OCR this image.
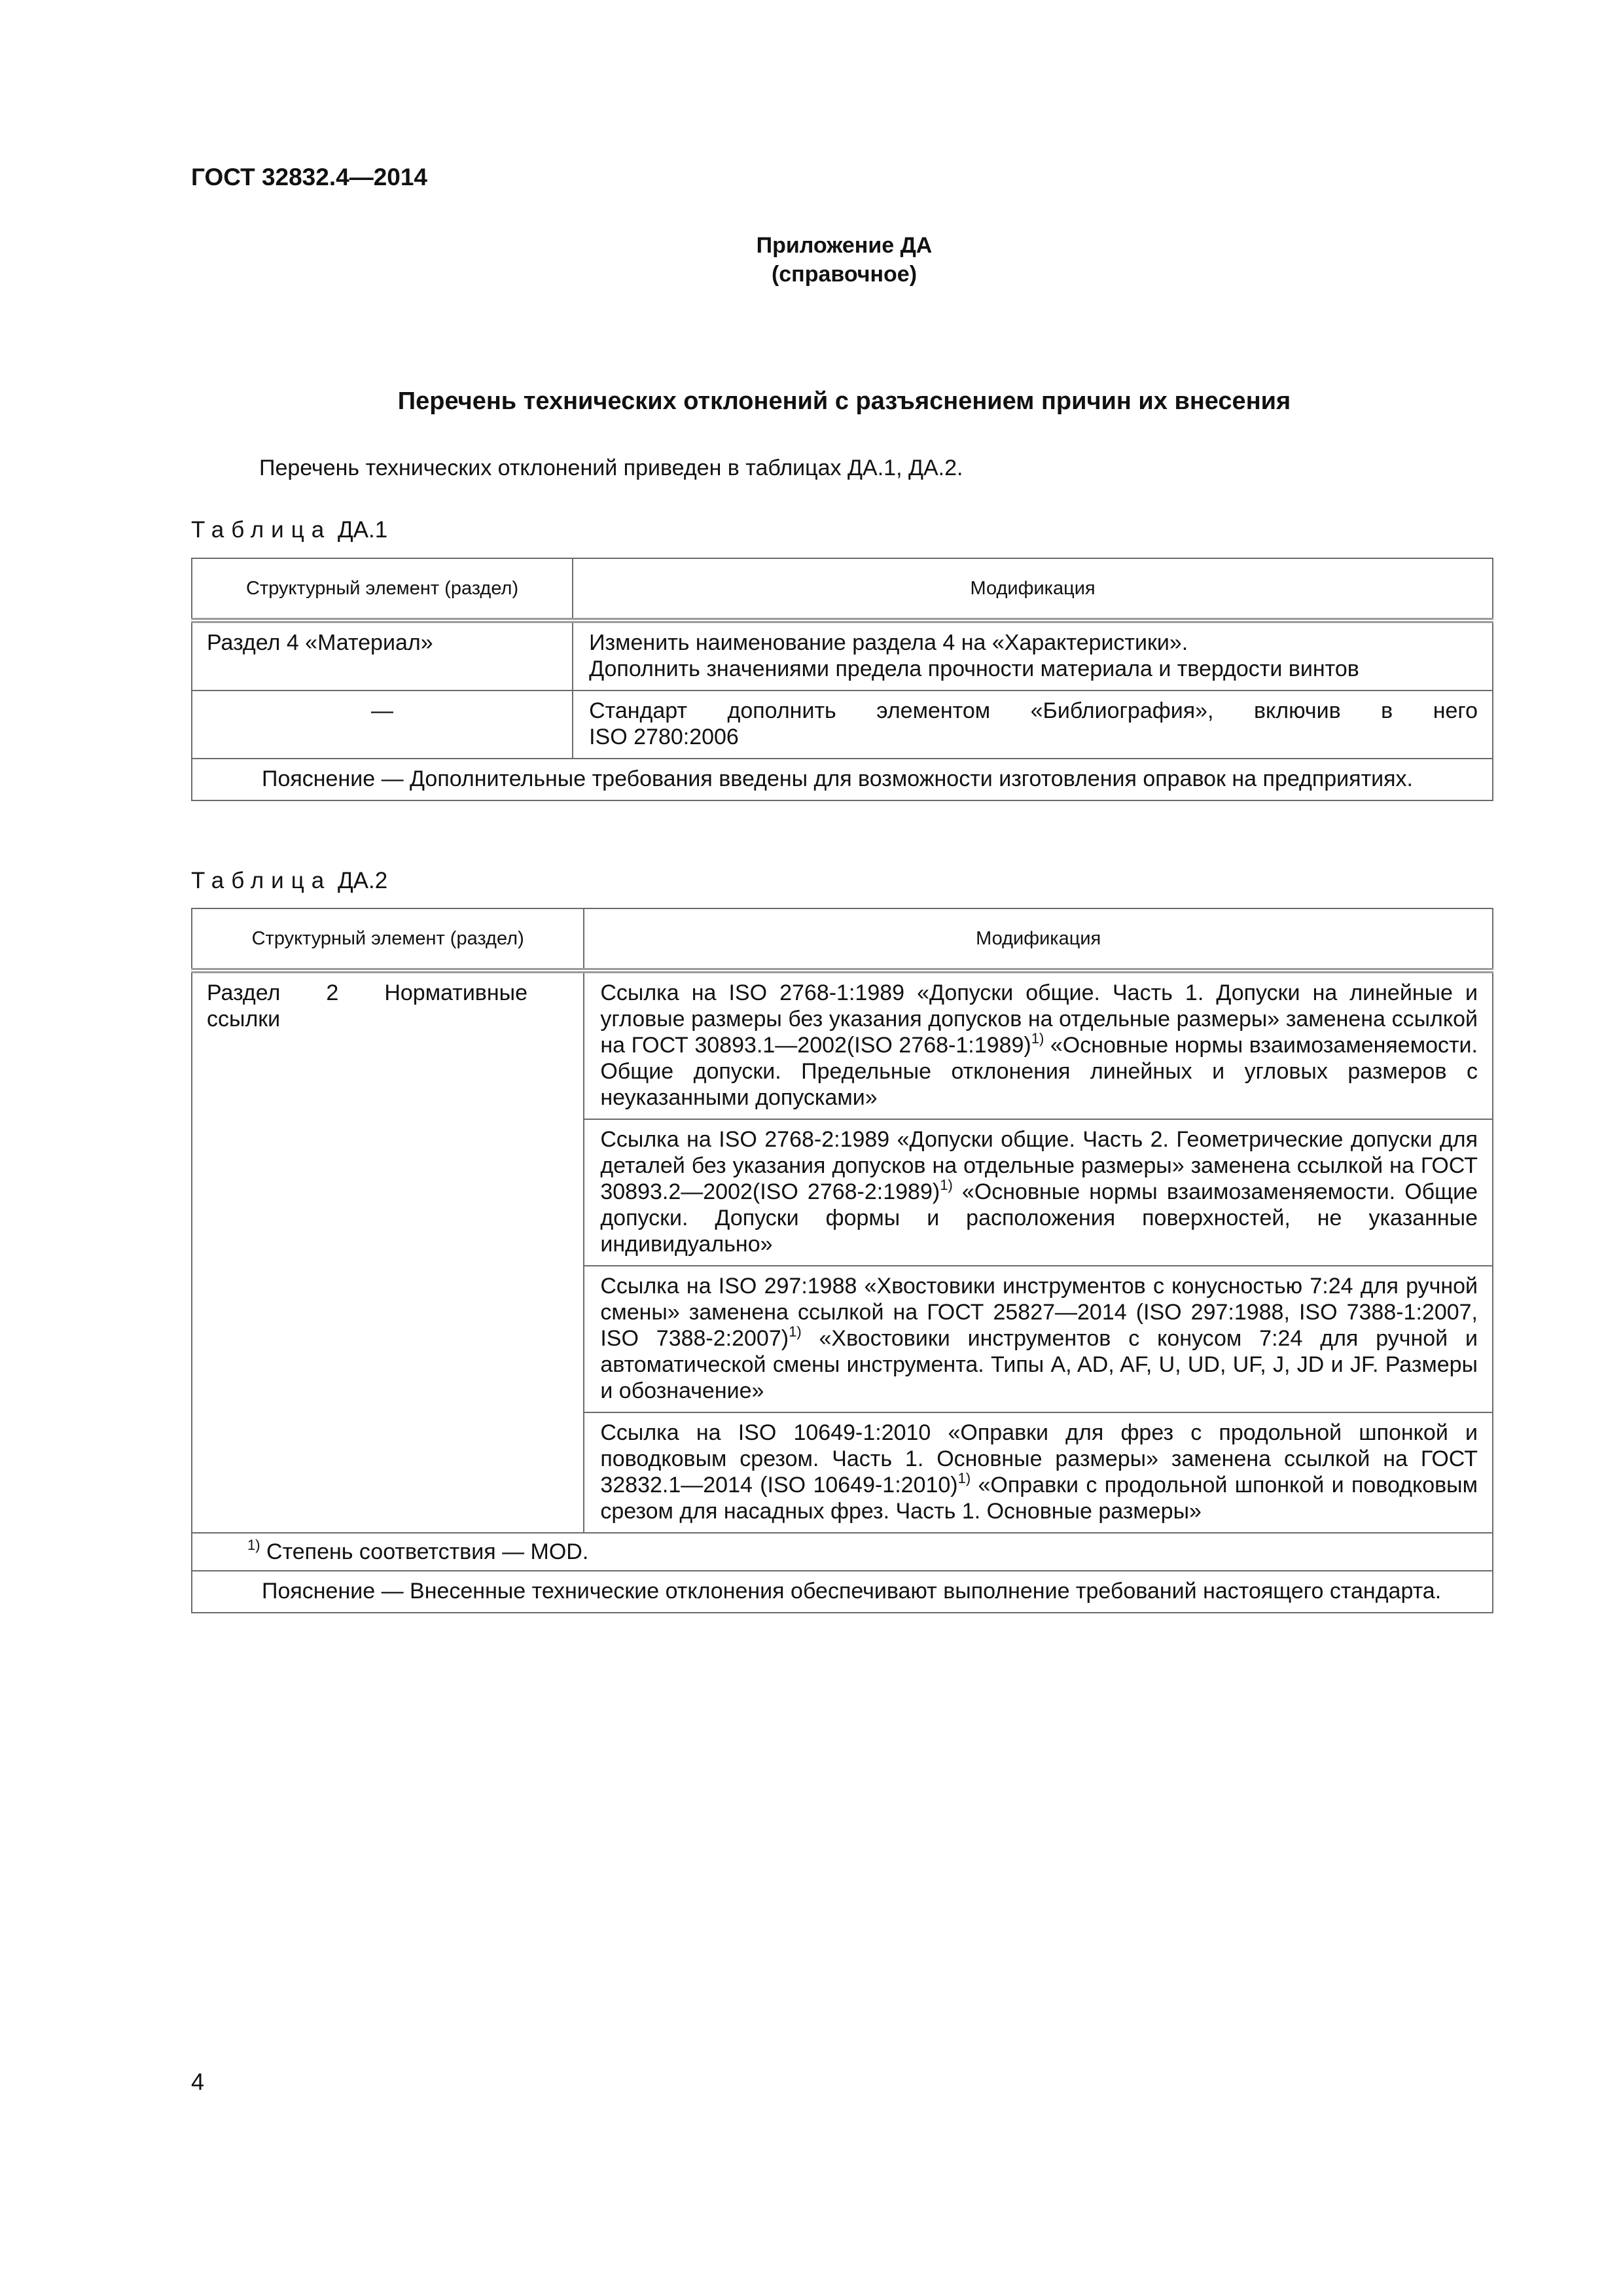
ГОСТ 32832.4—2014
Приложение ДА
(справочное)
Перечень технических отклонений с разъяснением причин их внесения
Перечень технических отклонений приведен в таблицах ДА.1, ДА.2.
Таблица ДА.1
Структурный элемент (раздел)	Модификация
Раздел 4 «Материал»	Изменить наименование раздела 4 на «Характеристики».
Дополнить значениями предела прочности материала и твердости винтов

—	Стандарт дополнить элементом «Библиография», включив в него
ISO 2780:2006

Пояснение — Дополнительные требования введены для возможности изготовления оправок на предприятиях.	
Таблица ДА.2
Структурный элемент (раздел)	Модификация

Раздел 2 Нормативные ссылки	Ссылка на ISO 2768-1:1989 «Допуски общие. Часть 1. Допуски на линейные и угловые размеры без указания допусков на отдельные размеры» заменена ссылкой на ГОСТ 30893.1—2002(ISO 2768-1:1989)$^{1)}$ «Основные нормы взаимозаменяемости. Общие допуски. Предельные отклонения линейных и угловых размеров с неуказанными допусками»
	Ссылка на ISO 2768-2:1989 «Допуски общие. Часть 2. Геометрические допуски для деталей без указания допусков на отдельные размеры» заменена ссылкой на ГОСТ 30893.2—2002(ISO 2768-2:1989)$^{1)}$ «Основные нормы взаимозаменяемости. Общие допуски. Допуски формы и расположения поверхностей, не указанные индивидуально»
	Ссылка на ISO 297:1988 «Хвостовики инструментов с конусностью 7:24 для ручной смены» заменена ссылкой на ГОСТ 25827—2014 (ISO 297:1988, ISO 7388-1:2007, ISO 7388-2:2007)$^{1)}$ «Хвостовики инструментов с конусом 7:24 для ручной и автоматической смены инструмента. Типы A, AD, AF, U, UD, UF, J, JD и JF. Размеры и обозначение»
	Ссылка на ISO 10649-1:2010 «Оправки для фрез с продольной шпонкой и поводковым срезом. Часть 1. Основные размеры» заменена ссылкой на ГОСТ 32832.1—2014 (ISO 10649-1:2010)$^{1)}$ «Оправки с продольной шпонкой и поводковым срезом для насадных фрез. Часть 1. Основные размеры»
$^{1)}$ Степень соответствия — MOD.	
Пояснение — Внесенные технические отклонения обеспечивают выполнение требований настоящего стандарта.	
4
